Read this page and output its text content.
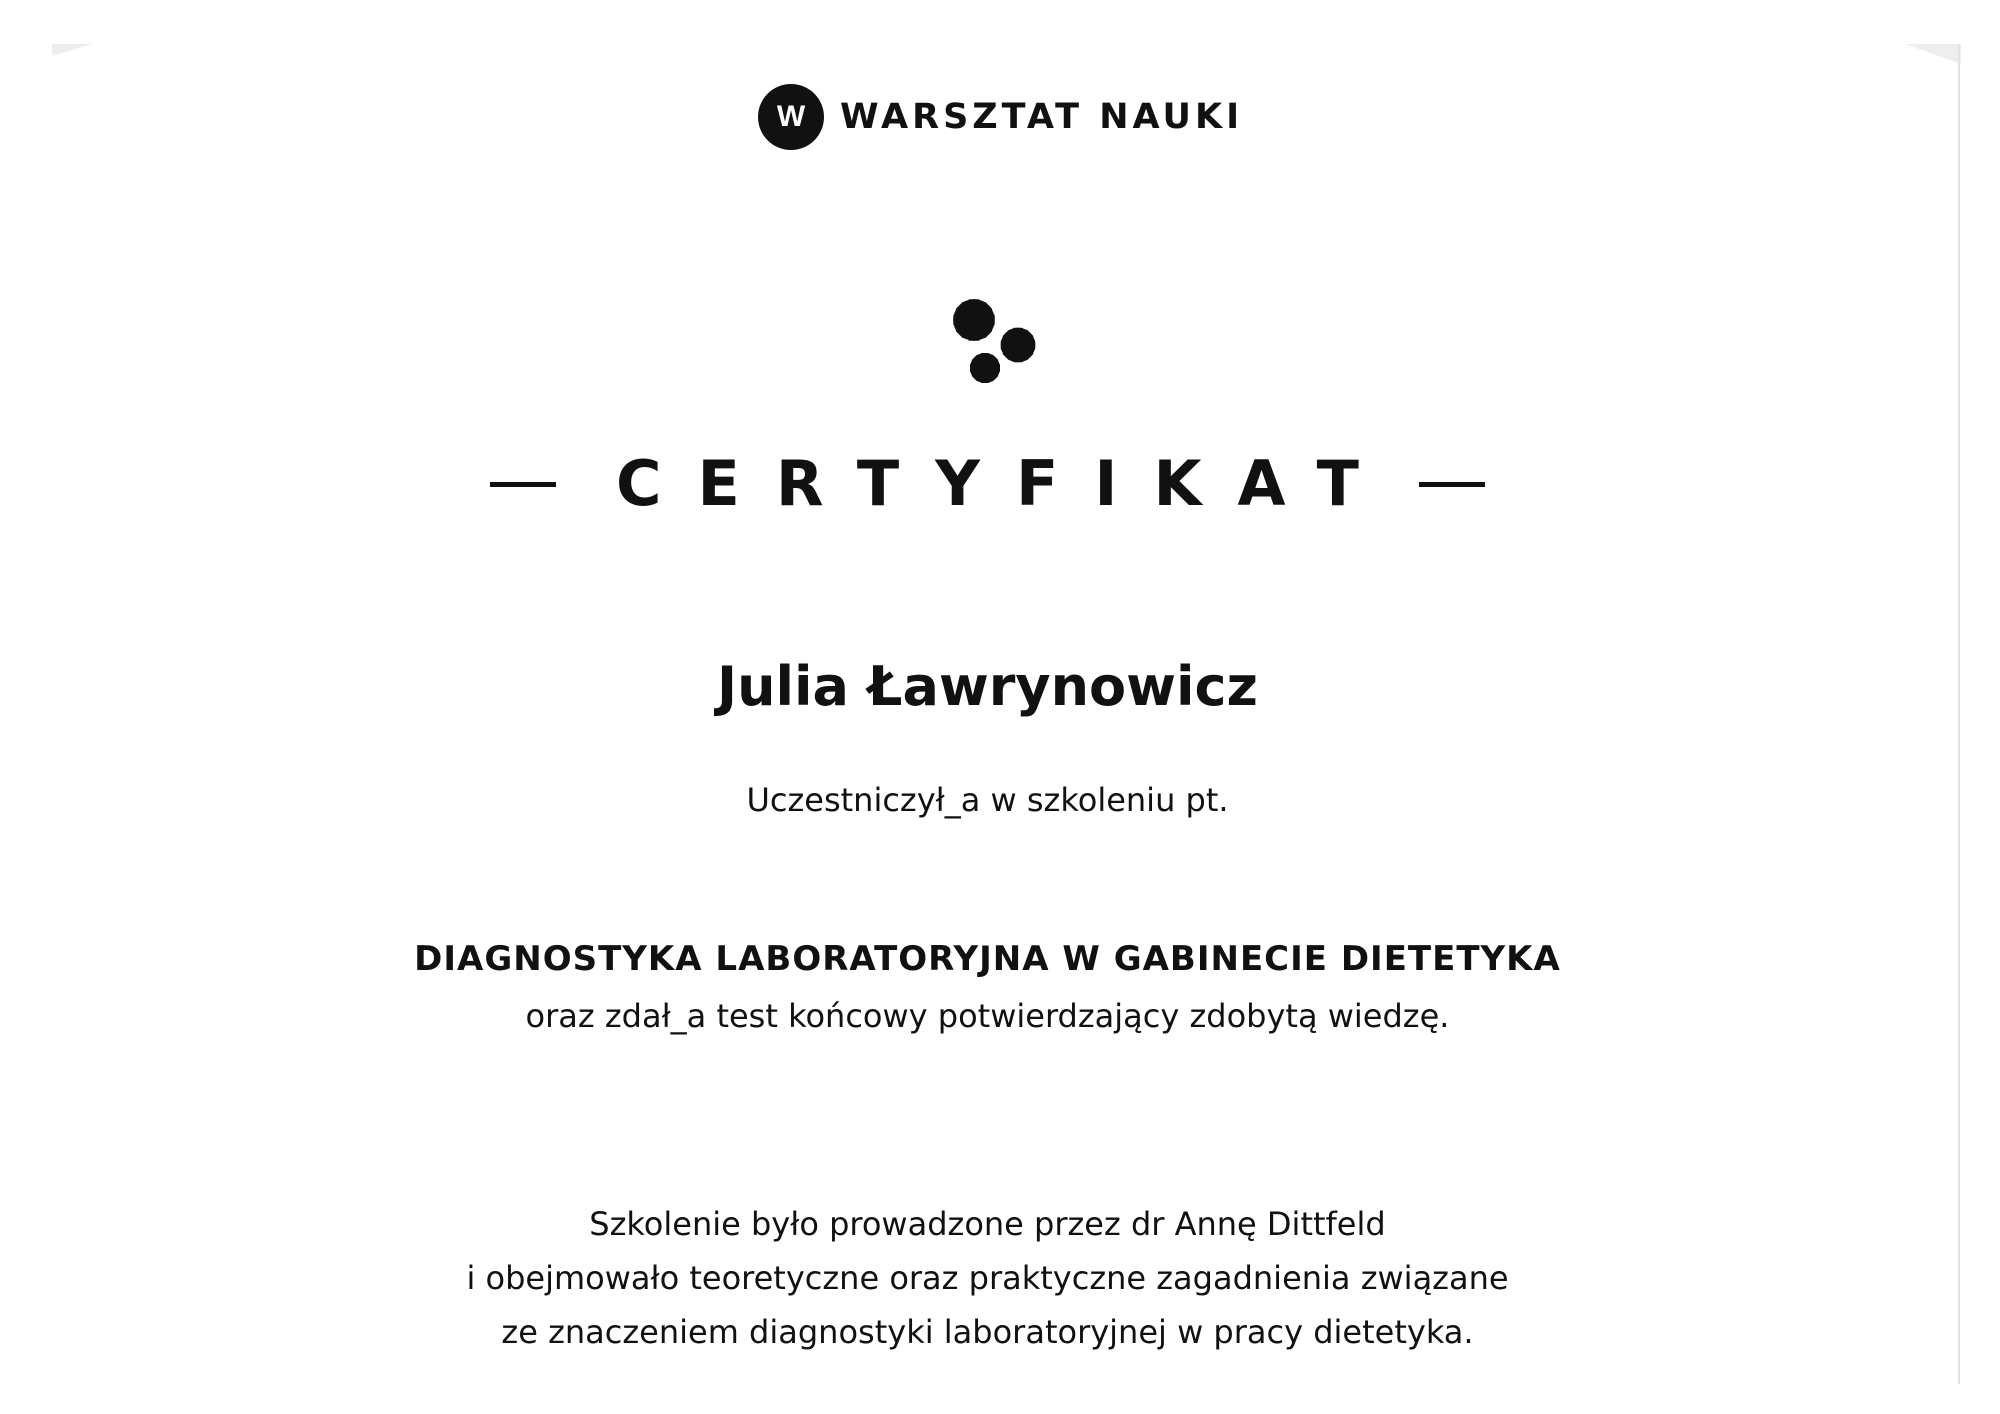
W WARSZTAT NAUKI
CERTYFIKAT
Julia Ławrynowicz
Uczestniczył_a w szkoleniu pt.
DIAGNOSTYKA LABORATORYJNA W GABINECIE DIETETYKA
oraz zdał_a test końcowy potwierdzający zdobytą wiedzę.
Szkolenie było prowadzone przez dr Annę Dittfeld
i obejmowało teoretyczne oraz praktyczne zagadnienia związane
ze znaczeniem diagnostyki laboratoryjnej w pracy dietetyka.
